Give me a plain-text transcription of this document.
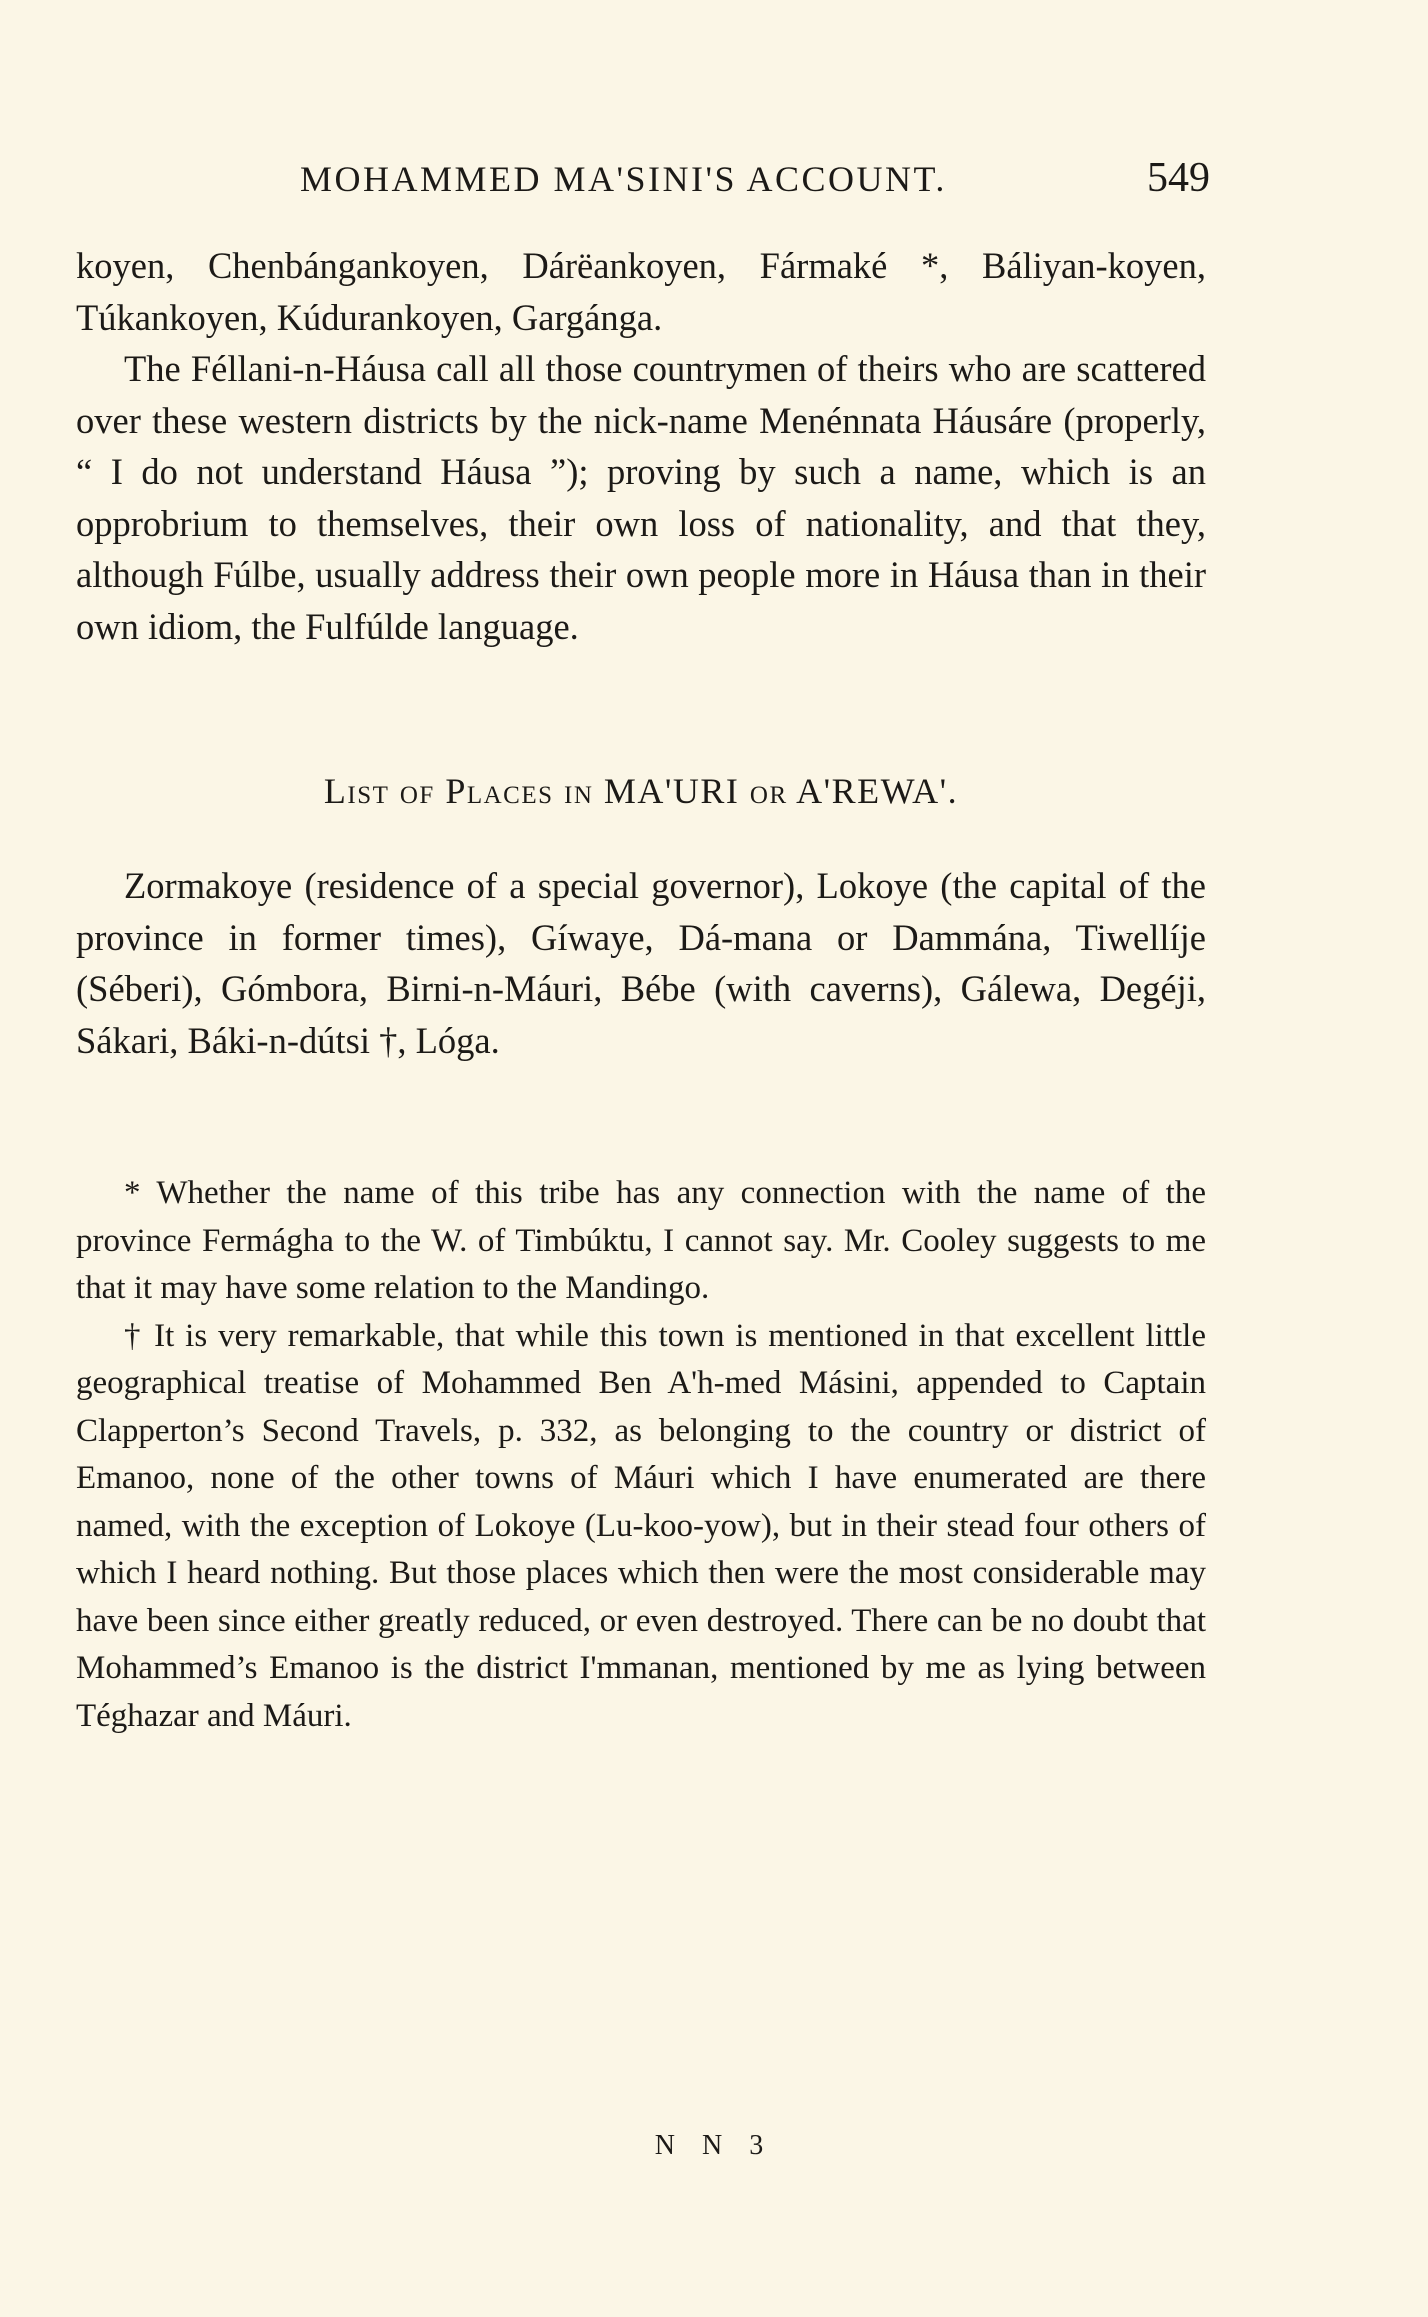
MOHAMMED MA'SINI'S ACCOUNT.	549

koyen, Chenbángankoyen, Dárëankoyen, Fármaké *, Báliyan-koyen, Túkankoyen, Kúdurankoyen, Gargánga.

The Féllani-n-Háusa call all those countrymen of theirs who are scattered over these western districts by the nick-name Menénnata Háusáre (properly, “ I do not understand Háusa ”); proving by such a name, which is an opprobrium to themselves, their own loss of nationality, and that they, although Fúlbe, usually address their own people more in Háusa than in their own idiom, the Fulfúlde language.

List of Places in MA'URI or A'REWA'.

Zormakoye (residence of a special governor), Lokoye (the capital of the province in former times), Gíwaye, Dá-mana or Dammána, Tiwellíje (Séberi), Gómbora, Birni-n-Máuri, Bébe (with caverns), Gálewa, Degéji, Sákari, Báki-n-dútsi †, Lóga.

* Whether the name of this tribe has any connection with the name of the province Fermágha to the W. of Timbúktu, I cannot say. Mr. Cooley suggests to me that it may have some relation to the Mandingo.

† It is very remarkable, that while this town is mentioned in that excellent little geographical treatise of Mohammed Ben A'h-med Másini, appended to Captain Clapperton’s Second Travels, p. 332, as belonging to the country or district of Emanoo, none of the other towns of Máuri which I have enumerated are there named, with the exception of Lokoye (Lu-koo-yow), but in their stead four others of which I heard nothing. But those places which then were the most considerable may have been since either greatly reduced, or even destroyed. There can be no doubt that Mohammed’s Emanoo is the district I'mmanan, mentioned by me as lying between Téghazar and Máuri.

N N 3
